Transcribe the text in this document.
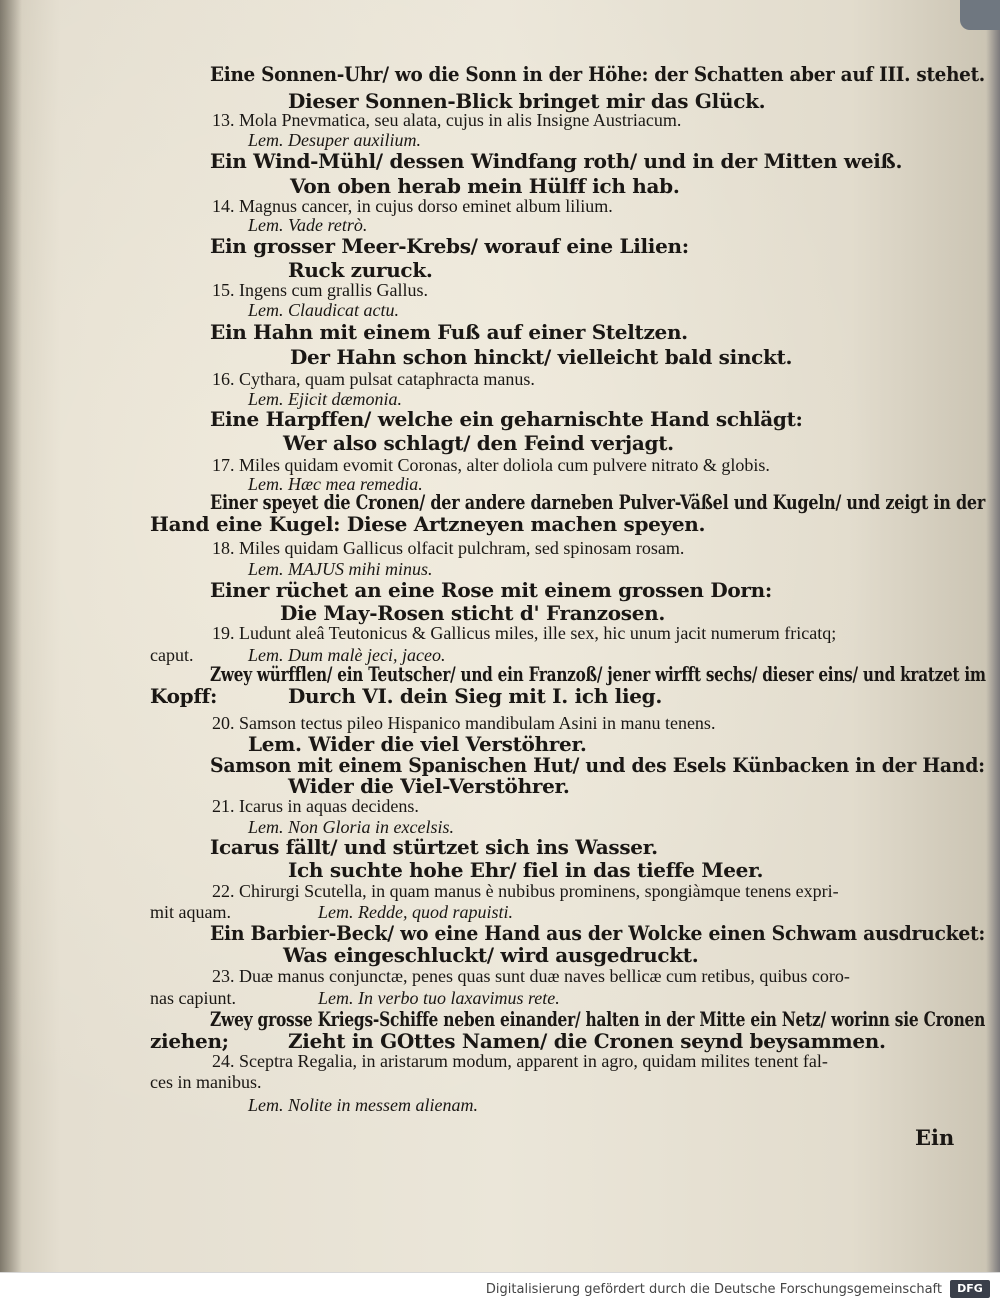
Eine Sonnen-Uhr/ wo die Sonn in der Höhe: der Schatten aber auf III. stehet.
Dieser Sonnen-Blick bringet mir das Glück.
13. Mola Pnevmatica, seu alata, cujus in alis Insigne Austriacum.
Lem. Desuper auxilium.
Ein Wind-Mühl/ dessen Windfang roth/ und in der Mitten weiß.
Von oben herab mein Hülff ich hab.
14. Magnus cancer, in cujus dorso eminet album lilium.
Lem. Vade retrò.
Ein grosser Meer-Krebs/ worauf eine Lilien:
Ruck zuruck.
15. Ingens cum grallis Gallus.
Lem. Claudicat actu.
Ein Hahn mit einem Fuß auf einer Steltzen.
Der Hahn schon hinckt/ vielleicht bald sinckt.
16. Cythara, quam pulsat cataphracta manus.
Lem. Ejicit dæmonia.
Eine Harpffen/ welche ein geharnischte Hand schlägt:
Wer also schlagt/ den Feind verjagt.
17. Miles quidam evomit Coronas, alter doliola cum pulvere nitrato & globis.
Lem. Hæc mea remedia.
Einer speyet die Cronen/ der andere darneben Pulver-Väßel und Kugeln/ und zeigt in der
Hand eine Kugel: Diese Artzneyen machen speyen.
18. Miles quidam Gallicus olfacit pulchram, sed spinosam rosam.
Lem. MAJUS mihi minus.
Einer rüchet an eine Rose mit einem grossen Dorn:
Die May-Rosen sticht d' Franzosen.
19. Ludunt aleâ Teutonicus & Gallicus miles, ille sex, hic unum jacit numerum fricatq;
caput.	Lem. Dum malè jeci, jaceo.
Zwey würfflen/ ein Teutscher/ und ein Franzoß/ jener wirfft sechs/ dieser eins/ und kratzet im
Kopff:	Durch VI. dein Sieg mit I. ich lieg.
20. Samson tectus pileo Hispanico mandibulam Asini in manu tenens.
Lem. Wider die viel Verstöhrer.
Samson mit einem Spanischen Hut/ und des Esels Künbacken in der Hand:
Wider die Viel-Verstöhrer.
21. Icarus in aquas decidens.
Lem. Non Gloria in excelsis.
Icarus fällt/ und stürtzet sich ins Wasser.
Ich suchte hohe Ehr/ fiel in das tieffe Meer.
22. Chirurgi Scutella, in quam manus è nubibus prominens, spongiàmque tenens expri-
mit aquam.	Lem. Redde, quod rapuisti.
Ein Barbier-Beck/ wo eine Hand aus der Wolcke einen Schwam ausdrucket:
Was eingeschluckt/ wird ausgedruckt.
23. Duæ manus conjunctæ, penes quas sunt duæ naves bellicæ cum retibus, quibus coro-
nas capiunt.	Lem. In verbo tuo laxavimus rete.
Zwey grosse Kriegs-Schiffe neben einander/ halten in der Mitte ein Netz/ worinn sie Cronen
ziehen;	Zieht in GOttes Namen/ die Cronen seynd beysammen.
24. Sceptra Regalia, in aristarum modum, apparent in agro, quidam milites tenent fal-
ces in manibus.
Lem. Nolite in messem alienam.
Ein
Digitalisierung gefördert durch die Deutsche Forschungsgemeinschaft	DFG
